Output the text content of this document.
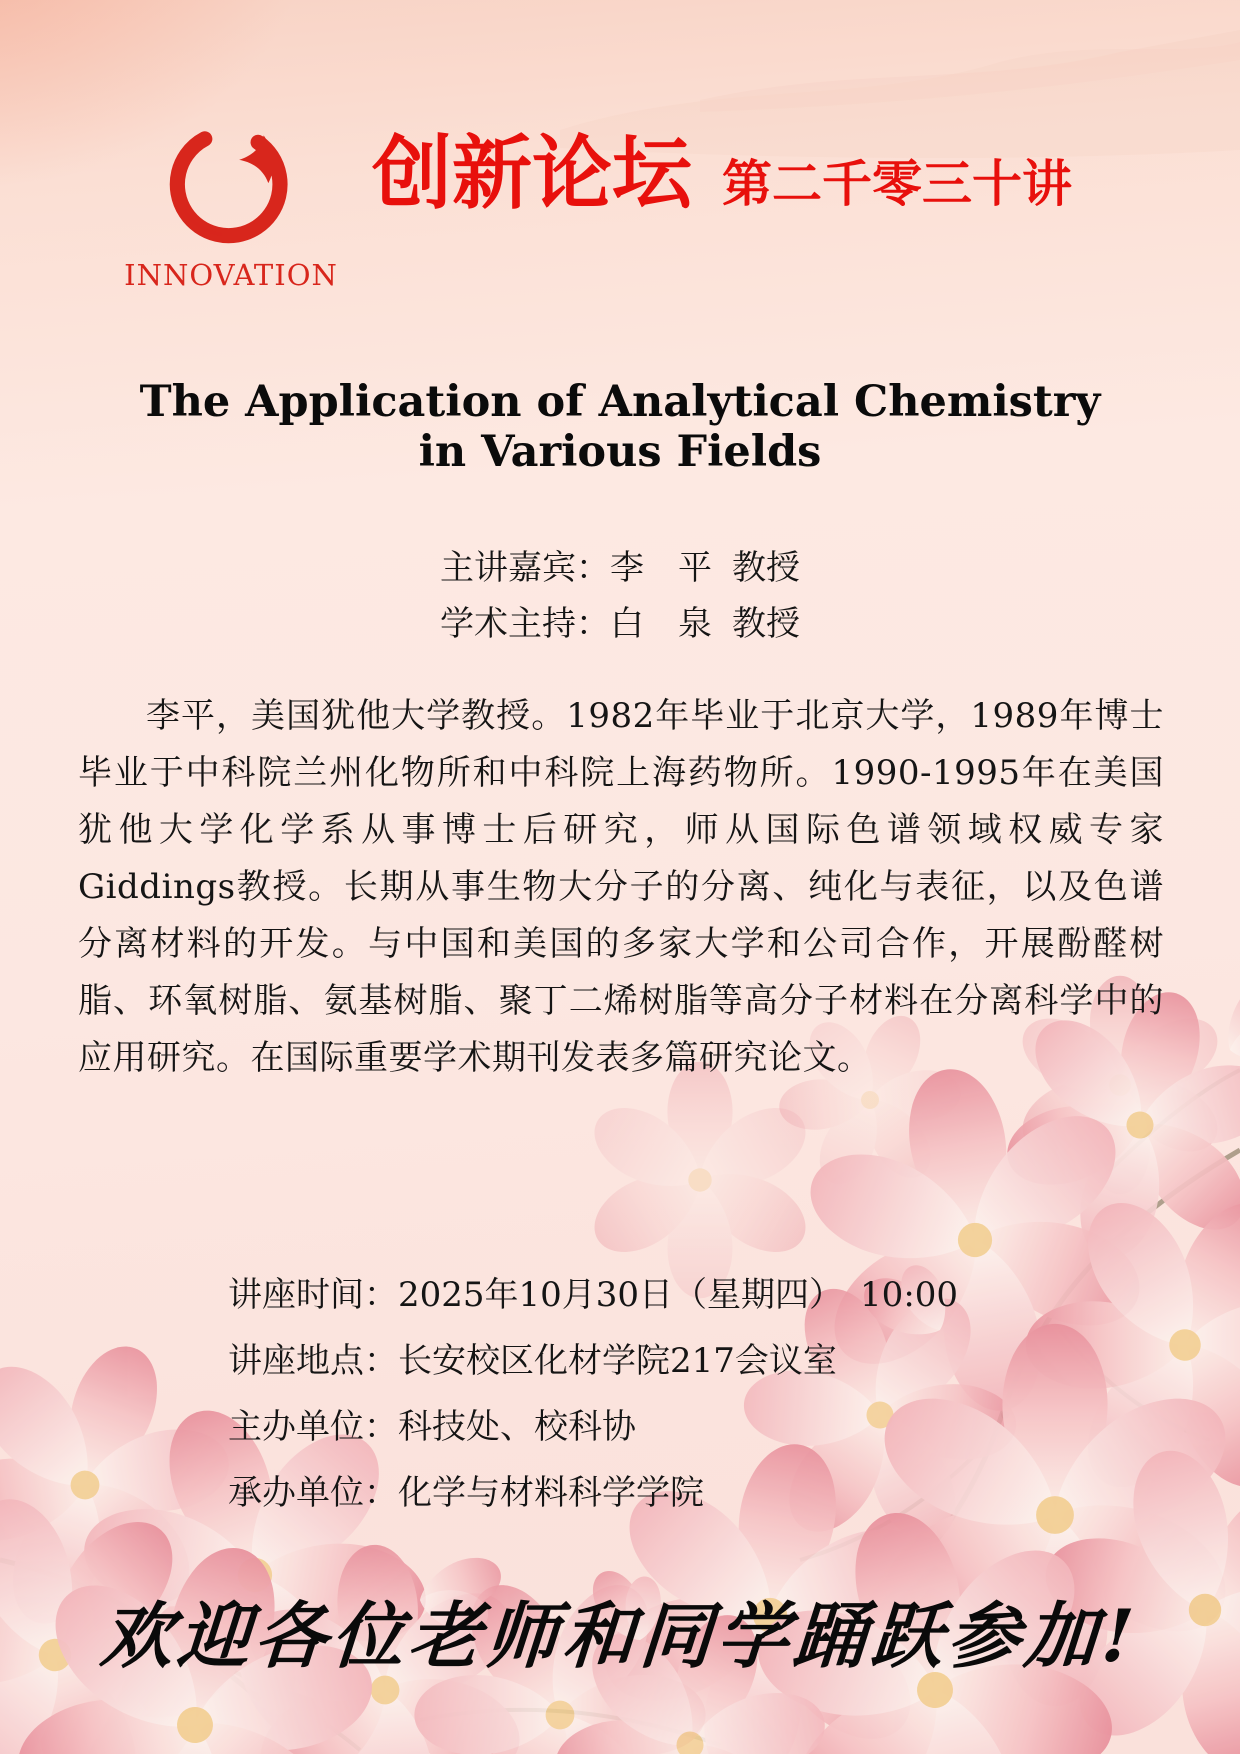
INNOVATION
创新论坛 第二千零三十讲
The Application of Analytical Chemistry
in Various Fields
主讲嘉宾：李　平 教授
学术主持：白　泉 教授

李平，美国犹他大学教授。1982年毕业于北京大学，1989年博士毕业于中科院兰州化物所和中科院上海药物所。1990-1995年在美国犹他大学化学系从事博士后研究，师从国际色谱领域权威专家Giddings教授。长期从事生物大分子的分离、纯化与表征，以及色谱分离材料的开发。与中国和美国的多家大学和公司合作，开展酚醛树脂、环氧树脂、氨基树脂、聚丁二烯树脂等高分子材料在分离科学中的应用研究。在国际重要学术期刊发表多篇研究论文。

讲座时间： 2025年10月30日（星期四）　10:00
讲座地点： 长安校区化材学院217会议室
主办单位： 科技处、校科协
承办单位： 化学与材料科学学院
欢迎各位老师和同学踊跃参加!
